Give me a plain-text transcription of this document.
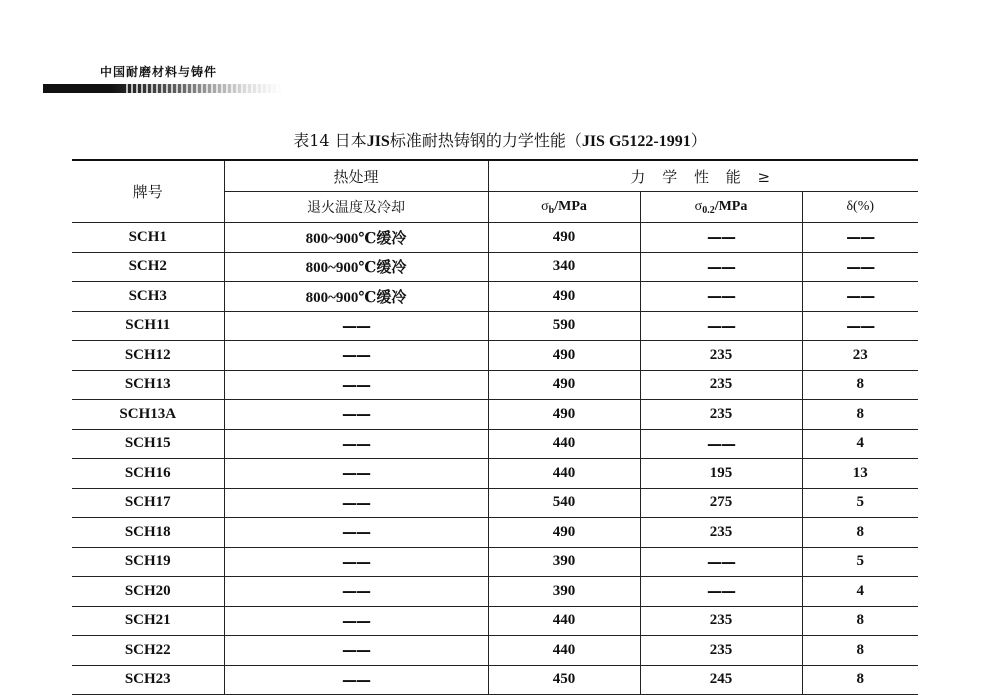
中国耐磨材料与铸件
表14 日本JIS标准耐热铸钢的力学性能（JIS G5122-1991）
牌号	热处理	力 学 性 能 ≥		
	退火温度及冷却	$\sigma_b$/MPa	$\sigma_{0.2}$/MPa	δ(%)
SCH1	800~900℃缓冷	490	——	——
SCH2	800~900℃缓冷	340	——	——
SCH3	800~900℃缓冷	490	——	——
SCH11	——	590	——	——
SCH12	——	490	235	23
SCH13	——	490	235	8
SCH13A	——	490	235	8
SCH15	——	440	——	4
SCH16	——	440	195	13
SCH17	——	540	275	5
SCH18	——	490	235	8
SCH19	——	390	——	5
SCH20	——	390	——	4
SCH21	——	440	235	8
SCH22	——	440	235	8
SCH23	——	450	245	8
